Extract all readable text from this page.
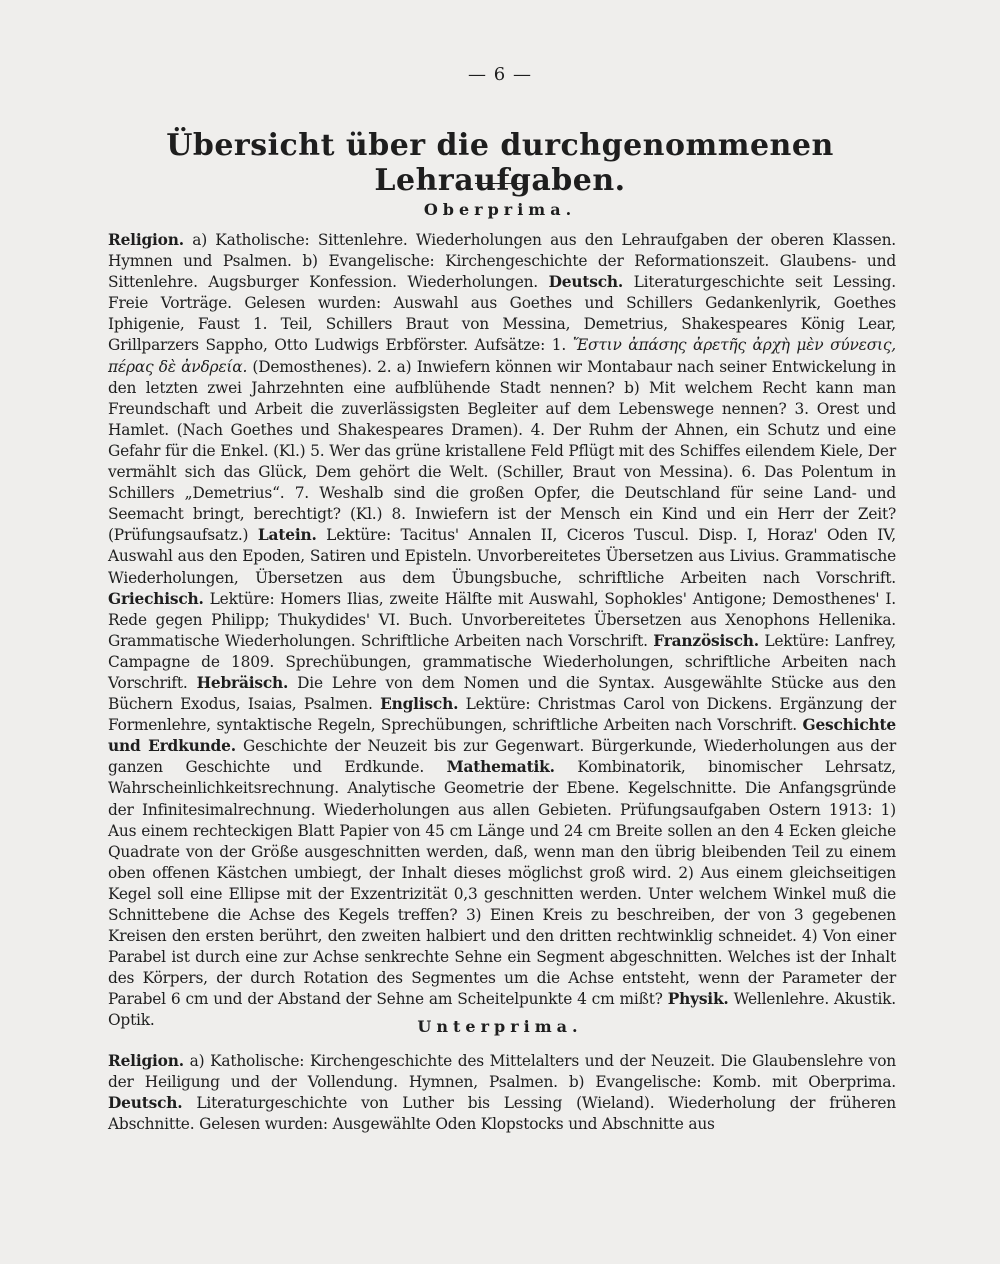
— 6 —
Übersicht über die durchgenommenen Lehraufgaben.
Oberprima.
Religion. a) Katholische: Sittenlehre. Wiederholungen aus den Lehraufgaben der oberen Klassen. Hymnen und Psalmen. b) Evangelische: Kirchengeschichte der Reformationszeit. Glaubens- und Sittenlehre. Augsburger Konfession. Wiederholungen. Deutsch. Literaturgeschichte seit Lessing. Freie Vorträge. Gelesen wurden: Auswahl aus Goethes und Schillers Gedankenlyrik, Goethes Iphigenie, Faust 1. Teil, Schillers Braut von Messina, Demetrius, Shakespeares König Lear, Grillparzers Sappho, Otto Ludwigs Erbförster. Aufsätze: 1. Ἔστιν ἀπάσης ἀρετῆς ἀρχὴ μὲν σύνεσις, πέρας δὲ ἀνδρεία. (Demosthenes). 2. a) Inwiefern können wir Montabaur nach seiner Entwickelung in den letzten zwei Jahrzehnten eine aufblühende Stadt nennen? b) Mit welchem Recht kann man Freundschaft und Arbeit die zuverlässigsten Begleiter auf dem Lebenswege nennen? 3. Orest und Hamlet. (Nach Goethes und Shakespeares Dramen). 4. Der Ruhm der Ahnen, ein Schutz und eine Gefahr für die Enkel. (Kl.) 5. Wer das grüne kristallene Feld Pflügt mit des Schiffes eilendem Kiele, Der vermählt sich das Glück, Dem gehört die Welt. (Schiller, Braut von Messina). 6. Das Polentum in Schillers „Demetrius“. 7. Weshalb sind die großen Opfer, die Deutschland für seine Land- und Seemacht bringt, berechtigt? (Kl.) 8. Inwiefern ist der Mensch ein Kind und ein Herr der Zeit? (Prüfungsaufsatz.) Latein. Lektüre: Tacitus' Annalen II, Ciceros Tuscul. Disp. I, Horaz' Oden IV, Auswahl aus den Epoden, Satiren und Episteln. Unvorbereitetes Übersetzen aus Livius. Grammatische Wiederholungen, Übersetzen aus dem Übungsbuche, schriftliche Arbeiten nach Vorschrift. Griechisch. Lektüre: Homers Ilias, zweite Hälfte mit Auswahl, Sophokles' Antigone; Demosthenes' I. Rede gegen Philipp; Thukydides' VI. Buch. Unvorbereitetes Übersetzen aus Xenophons Hellenika. Grammatische Wiederholungen. Schriftliche Arbeiten nach Vorschrift. Französisch. Lektüre: Lanfrey, Campagne de 1809. Sprechübungen, grammatische Wiederholungen, schriftliche Arbeiten nach Vorschrift. Hebräisch. Die Lehre von dem Nomen und die Syntax. Ausgewählte Stücke aus den Büchern Exodus, Isaias, Psalmen. Englisch. Lektüre: Christmas Carol von Dickens. Ergänzung der Formenlehre, syntaktische Regeln, Sprechübungen, schriftliche Arbeiten nach Vorschrift. Geschichte und Erdkunde. Geschichte der Neuzeit bis zur Gegenwart. Bürgerkunde, Wiederholungen aus der ganzen Geschichte und Erdkunde. Mathematik. Kombinatorik, binomischer Lehrsatz, Wahrscheinlichkeitsrechnung. Analytische Geometrie der Ebene. Kegelschnitte. Die Anfangsgründe der Infinitesimalrechnung. Wiederholungen aus allen Gebieten. Prüfungsaufgaben Ostern 1913: 1) Aus einem rechteckigen Blatt Papier von 45 cm Länge und 24 cm Breite sollen an den 4 Ecken gleiche Quadrate von der Größe ausgeschnitten werden, daß, wenn man den übrig bleibenden Teil zu einem oben offenen Kästchen umbiegt, der Inhalt dieses möglichst groß wird. 2) Aus einem gleichseitigen Kegel soll eine Ellipse mit der Exzentrizität 0,3 geschnitten werden. Unter welchem Winkel muß die Schnittebene die Achse des Kegels treffen? 3) Einen Kreis zu beschreiben, der von 3 gegebenen Kreisen den ersten berührt, den zweiten halbiert und den dritten rechtwinklig schneidet. 4) Von einer Parabel ist durch eine zur Achse senkrechte Sehne ein Segment abgeschnitten. Welches ist der Inhalt des Körpers, der durch Rotation des Segmentes um die Achse entsteht, wenn der Parameter der Parabel 6 cm und der Abstand der Sehne am Scheitelpunkte 4 cm mißt? Physik. Wellenlehre. Akustik. Optik.	Unterprima.
Religion. a) Katholische: Kirchengeschichte des Mittelalters und der Neuzeit. Die Glaubenslehre von der Heiligung und der Vollendung. Hymnen, Psalmen. b) Evangelische: Komb. mit Oberprima. Deutsch. Literaturgeschichte von Luther bis Lessing (Wieland). Wiederholung der früheren Abschnitte. Gelesen wurden: Ausgewählte Oden Klopstocks und Abschnitte aus
